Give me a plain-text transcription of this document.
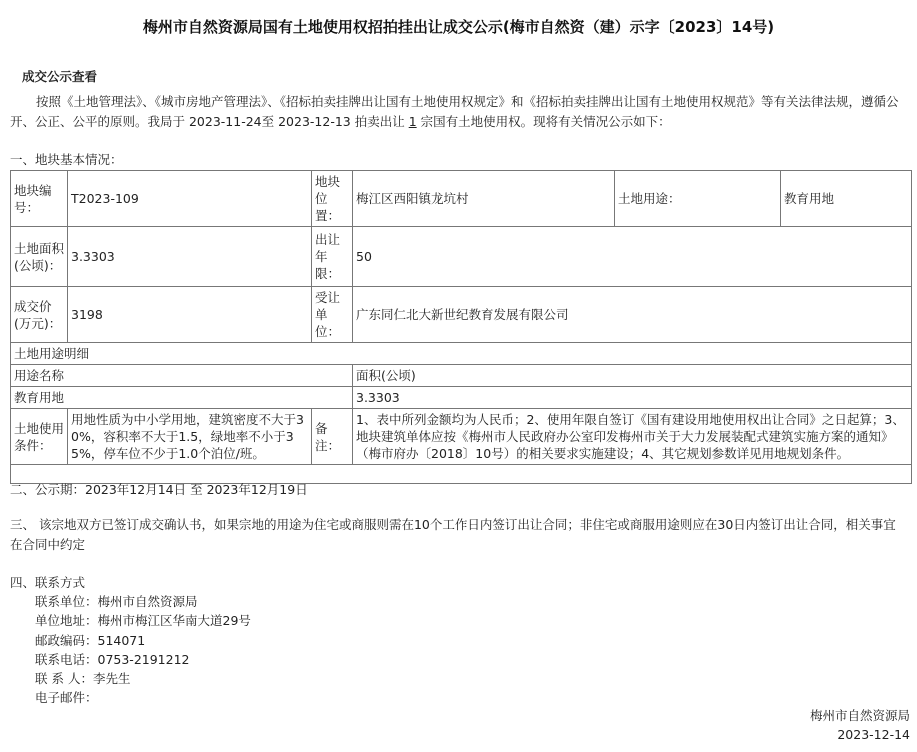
梅州市自然资源局国有土地使用权招拍挂出让成交公示(梅市自然资（建）示字〔2023〕14号)
成交公示查看
按照《土地管理法》、《城市房地产管理法》、《招标拍卖挂牌出让国有土地使用权规定》和《招标拍卖挂牌出让国有土地使用权规范》等有关法律法规，遵循公开、公正、公平的原则。我局于 2023-11-24至 2023-12-13 拍卖出让 1 宗国有土地使用权。现将有关情况公示如下：
一、地块基本情况：
地块编号：	T2023-109	地块位置：	梅江区西阳镇龙坑村	土地用途：	教育用地
土地面积(公顷)：	3.3303	出让年限：	50		
成交价(万元)：	3198	受让单位：	广东同仁北大新世纪教育发展有限公司		
土地用途明细					
用途名称			面积(公顷)		
教育用地			3.3303		
土地使用条件：	用地性质为中小学用地，建筑密度不大于30%，容积率不大于1.5，绿地率不小于35%，停车位不少于1.0个泊位/班。	备注：	1、表中所列金额均为人民币；2、使用年限自签订《国有建设用地使用权出让合同》之日起算；3、地块建筑单体应按《梅州市人民政府办公室印发梅州市关于大力发展装配式建筑实施方案的通知》（梅市府办〔2018〕10号）的相关要求实施建设；4、其它规划参数详见用地规划条件。		

二、公示期：2023年12月14日 至 2023年12月19日
三、 该宗地双方已签订成交确认书，如果宗地的用途为住宅或商服则需在10个工作日内签订出让合同；非住宅或商服用途则应在30日内签订出让合同，相关事宜在合同中约定
四、联系方式
联系单位：梅州市自然资源局
单位地址：梅州市梅江区华南大道29号
邮政编码：514071
联系电话：0753-2191212
联 系 人：李先生
电子邮件：
梅州市自然资源局
2023-12-14
